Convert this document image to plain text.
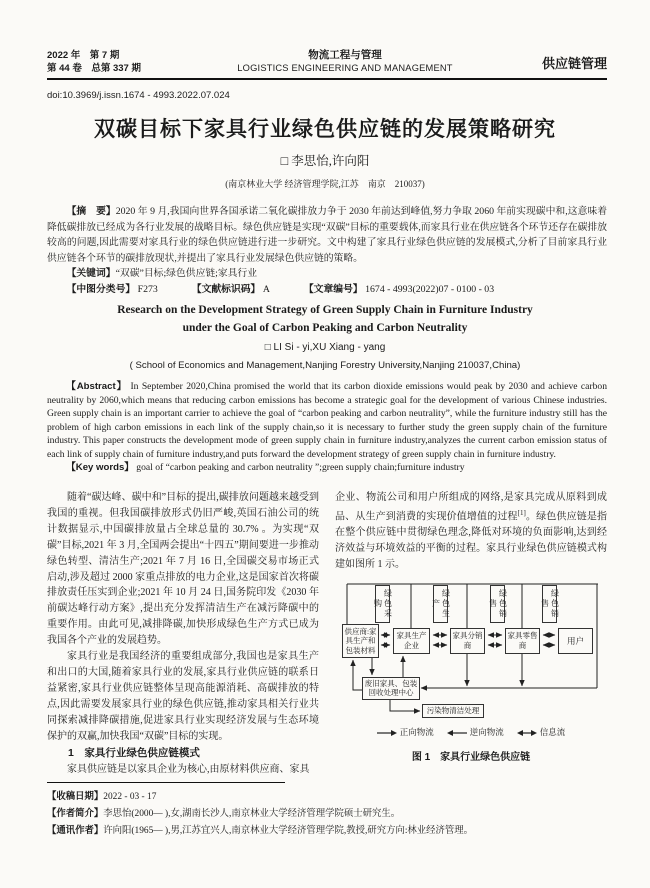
2022 年　第 7 期
第 44 卷　总第 337 期
物流工程与管理
LOGISTICS ENGINEERING AND MANAGEMENT	供应链管理
doi:10.3969/j.issn.1674 - 4993.2022.07.024
双碳目标下家具行业绿色供应链的发展策略研究
□ 李思怡,许向阳
(南京林业大学 经济管理学院,江苏　南京　210037)

【摘　要】2020 年 9 月,我国向世界各国承诺二氧化碳排放力争于 2030 年前达到峰值,努力争取 2060 年前实现碳中和,这意味着降低碳排放已经成为各行业发展的战略目标。绿色供应链是实现“双碳”目标的重要载体,而家具行业在供应链各个环节还存在碳排放较高的问题,因此需要对家具行业的绿色供应链进行进一步研究。文中构建了家具行业绿色供应链的发展模式,分析了目前家具行业供应链各个环节的碳排放现状,并提出了家具行业发展绿色供应链的策略。

【关键词】“双碳”目标;绿色供应链;家具行业

【中图分类号】 F273	【文献标识码】 A	【文章编号】 1674 - 4993(2022)07 - 0100 - 03

Research on the Development Strategy of Green Supply Chain in Furniture Industry
under the Goal of Carbon Peaking and Carbon Neutrality
□ LI Si - yi,XU Xiang - yang
( School of Economics and Management,Nanjing Forestry University,Nanjing 210037,China)

【Abstract】 In September 2020,China promised the world that its carbon dioxide emissions would peak by 2030 and achieve carbon neutrality by 2060,which means that reducing carbon emissions has become a strategic goal for the development of various Chinese industries. Green supply chain is an important carrier to achieve the goal of “carbon peaking and carbon neutrality”, while the furniture industry still has the problem of high carbon emissions in each link of the supply chain,so it is necessary to further study the green supply chain of the furniture industry. This paper constructs the development mode of green supply chain in furniture industry,analyzes the current carbon emission status of each link of supply chain of furniture industry,and puts forward the development strategy of green supply chain in furniture industry.

【Key words】 goal of “carbon peaking and carbon neutrality ”;green supply chain;furniture industry

随着“碳达峰、碳中和”目标的提出,碳排放问题越来越受到我国的重视。但我国碳排放形式仍旧严峻,英国石油公司的统计数据显示,中国碳排放量占全球总量的 30.7% 。为实现“双碳”目标,2021 年 3 月,全国两会提出“十四五”期间要进一步推动绿色转型、清洁生产;2021 年 7 月 16 日,全国碳交易市场正式启动,涉及超过 2000 家重点排放的电力企业,这是国家首次将碳排放责任压实到企业;2021 年 10 月 24 日,国务院印发《2030 年前碳达峰行动方案》,提出充分发挥清洁生产在减污降碳中的重要作用。由此可见,减排降碳,加快形成绿色生产方式已成为我国各个产业的发展趋势。

家具行业是我国经济的重要组成部分,我国也是家具生产和出口的大国,随着家具行业的发展,家具行业供应链的联系日益紧密,家具行业供应链整体呈现高能源消耗、高碳排放的特点,因此需要发展家具行业的绿色供应链,推动家具相关行业共同探索减排降碳措施,促进家具行业实现经济发展与生态环境保护的双赢,加快我国“双碳”目标的实现。

1　家具行业绿色供应链模式

家具供应链是以家具企业为核心,由原材料供应商、家具

企业、物流公司和用户所组成的网络,是家具完成从原料到成品、从生产到消费的实现价值增值的过程[1]。绿色供应链是指在整个供应链中贯彻绿色理念,降低对环境的负面影响,达到经济效益与环境效益的平衡的过程。家具行业绿色供应链模式构建如图所 1 示。

绿色采购	绿色生产	绿色销售	绿色销售
供应商:家具生产和包装材料
家具生产企业
家具分销商
家具零售商	用户
废旧家具、包装回收处理中心
污染物清洁处理
正向物流	逆向物流	信息流
图 1　家具行业绿色供应链
【收稿日期】2022 - 03 - 17
【作者简介】李思怡(2000— ),女,湖南长沙人,南京林业大学经济管理学院硕士研究生。
【通讯作者】许向阳(1965— ),男,江苏宜兴人,南京林业大学经济管理学院,教授,研究方向:林业经济管理。
